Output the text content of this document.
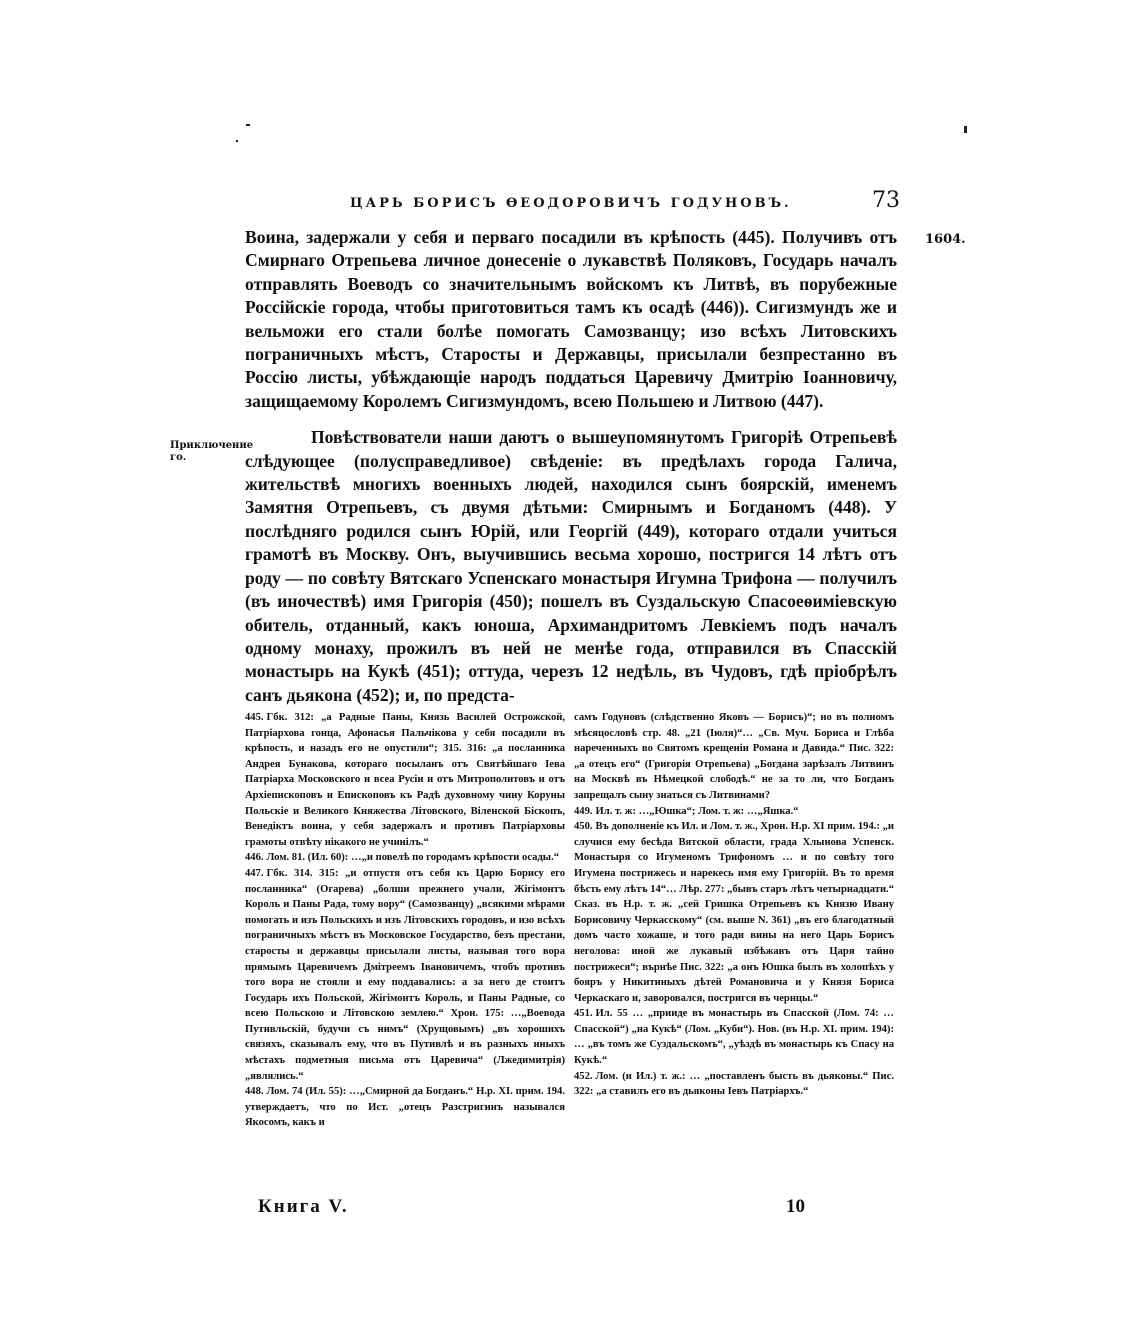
ЦАРЬ БОРИСЪ ѲЕОДОРОВИЧЪ ГОДУНОВЪ.	73
1604.
Приключение го.

Воина, задержали у себя и перваго посадили въ крѣпость (445). Получивъ отъ Смирнаго Отрепьева личное донесеніе о лукавствѣ Поляковъ, Государь началъ отправлять Воеводъ со значительнымъ войскомъ къ Литвѣ, въ порубежные Россійскіе города, чтобы приготовиться тамъ къ осадѣ (446)). Сигизмундъ же и вельможи его стали болѣе помогать Самозванцу; изо всѣхъ Литовскихъ пограничныхъ мѣстъ, Старосты и Державцы, присылали безпрестанно въ Россію листы, убѣждающіе народъ поддаться Царевичу Дмитрію Іоанновичу, защищаемому Королемъ Сигизмундомъ, всею Польшею и Литвою (447).

Повѣствователи наши даютъ о вышеупомянутомъ Григоріѣ Отрепьевѣ слѣдующее (полусправедливое) свѣденіе: въ предѣлахъ города Галича, жительствѣ многихъ военныхъ людей, находился сынъ боярскій, именемъ Замятня Отрепьевъ, съ двумя дѣтьми: Смирнымъ и Богданомъ (448). У послѣдняго родился сынъ Юрій, или Георгій (449), котораго отдали учиться грамотѣ въ Москву. Онъ, выучившись весьма хорошо, постригся 14 лѣтъ отъ роду — по совѣту Вятскаго Успенскаго монастыря Игумна Трифона — получилъ (въ иночествѣ) имя Григорія (450); пошелъ въ Суздальскую Спасоеѳиміевскую обитель, отданный, какъ юноша, Архимандритомъ Левкіемъ подъ началъ одному монаху, прожилъ въ ней не менѣе года, отправился въ Спасскій монастырь на Кукѣ (451); оттуда, черезъ 12 недѣль, въ Чудовъ, гдѣ пріобрѣлъ санъ дьякона (452); и, по предста-

445. Гбк. 312: „а Радные Паны, Князь Василей Острожской, Патріархова гонца, Афонасья Пальчікова у себя посадили въ крѣпость, и назадъ его не опустили“; 315. 316: „а посланника Андрея Бунакова, котораго посыланъ отъ Святѣйшаго Іева Патріарха Московского и всеа Русіи и отъ Митрополитовъ и отъ Архіепископовъ и Епископовъ къ Радѣ духовному чину Коруны Польскіе и Великого Княжества Літовского, Віленской Біскопъ, Венедіктъ воина, у себя задержалъ и противъ Патріарховы грамоты отвѣту нікакого не учинілъ.“

446. Лом. 81. (Ил. 60): …„и повелѣ по городамъ крѣпости осады.“

447. Гбк. 314. 315: „и отпустя отъ себя къ Царю Борису его посланника“ (Огарева) „болши прежнего учали, Жігімонтъ Король и Паны Рада, тому вору“ (Самозванцу) „всякими мѣрами помогать и изъ Польскихъ и изъ Літовскихъ городовъ, и изо всѣхъ пограничныхъ мѣстъ въ Московское Государство, безъ престани, старосты и державцы присылали листы, называя того вора прямымъ Царевичемъ Дмітреемъ Івановичемъ, чтобъ противъ того вора не стояли и ему поддавались: а за него де стоитъ Государь ихъ Польской, Жігімонтъ Король, и Паны Радные, со всею Польскою и Літовскою землею.“ Хрон. 175: …„Воевода Путивльскій, будучи съ нимъ“ (Хрущовымъ) „въ хорошихъ связяхъ, сказывалъ ему, что въ Путивлѣ и въ разныхъ иныхъ мѣстахъ подметныя письма отъ Царевича“ (Лжедимитрія) „являлись.“

448. Лом. 74 (Ил. 55): …„Смирной да Богданъ.“ Н.р. XI. прим. 194. утверждаетъ, что по Ист. „отецъ Разстригинъ назывался Якосомъ, какъ и

самъ Годуновъ (слѣдственно Яковъ — Борисъ)“; но въ полномъ мѣсяцословѣ стр. 48. „21 (Іюля)“… „Св. Муч. Бориса и Глѣба нареченныхъ во Святомъ крещеніи Романа и Давида.“ Пис. 322: „а отецъ его“ (Григорія Отрепьева) „Богдана зарѣзалъ Литвинъ на Москвѣ въ Нѣмецкой слободѣ.“ не за то ли, что Богданъ запрещалъ сыну знаться съ Литвинами?

449. Ил. т. ж: …„Юшка“; Лом. т. ж: …„Яшка.“

450. Въ дополненіе къ Ил. и Лом. т. ж., Хрон. Н.р. XI прим. 194.: „и случися ему бесѣда Вятской области, града Хлынова Успенск. Монастыря со Игуменомъ Трифономъ … и по совѣту того Игумена пострижесь и нарекесь имя ему Григорій. Въ то время бѣсть ему лѣтъ 14“… Лѣр. 277: „бывъ старъ лѣтъ четырнадцати.“ Сказ. въ Н.р. т. ж. „сей Гришка Отрепьевъ къ Князю Ивану Борисовичу Черкасскому“ (см. выше N. 361) „въ его благодатный домъ часто хожаше, и того ради вины на него Царь Борисъ неголова: иной же лукавый избѣжавъ отъ Царя тайно пострижеся“; върнѣе Пис. 322: „а онъ Юшка былъ въ холопѣхъ у бояръ у Никитиныхъ дѣтей Романовича и у Князя Бориса Черкаскаго и, заворовался, постригся въ чернцы.“

451. Ил. 55 … „прииде въ монастырь въ Спасской (Лом. 74: … Спасской“) „на Кукѣ“ (Лом. „Куби“). Нов. (въ Н.р. XI. прим. 194): … „въ томъ же Суздальскомъ“, „уѣздѣ въ монастырь къ Спасу на Кукѣ.“

452. Лом. (и Ил.) т. ж.: … „поставленъ бысть въ дьяконы.“ Пис. 322: „а ставилъ его въ дьяконы Іевъ Патріархъ.“

Книга V.	10
